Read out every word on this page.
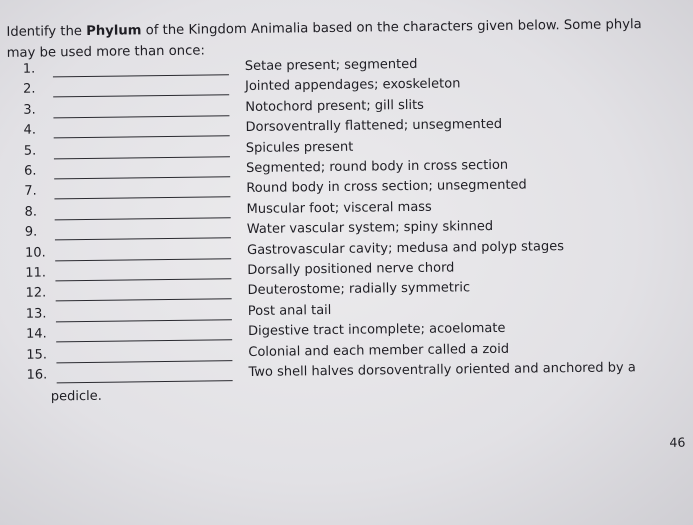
Identify the Phylum of the Kingdom Animalia based on the characters given below. Some phyla may be used more than once:
1.	Setae present; segmented
2.	Jointed appendages; exoskeleton
3.	Notochord present; gill slits
4.	Dorsoventrally flattened; unsegmented
5.	Spicules present
6.	Segmented; round body in cross section
7.	Round body in cross section; unsegmented
8.	Muscular foot; visceral mass
9.	Water vascular system; spiny skinned
10.	Gastrovascular cavity; medusa and polyp stages
11.	Dorsally positioned nerve chord
12.	Deuterostome; radially symmetric
13.	Post anal tail
14.	Digestive tract incomplete; acoelomate
15.	Colonial and each member called a zoid
16.	Two shell halves dorsoventrally oriented and anchored by a
pedicle.
46
